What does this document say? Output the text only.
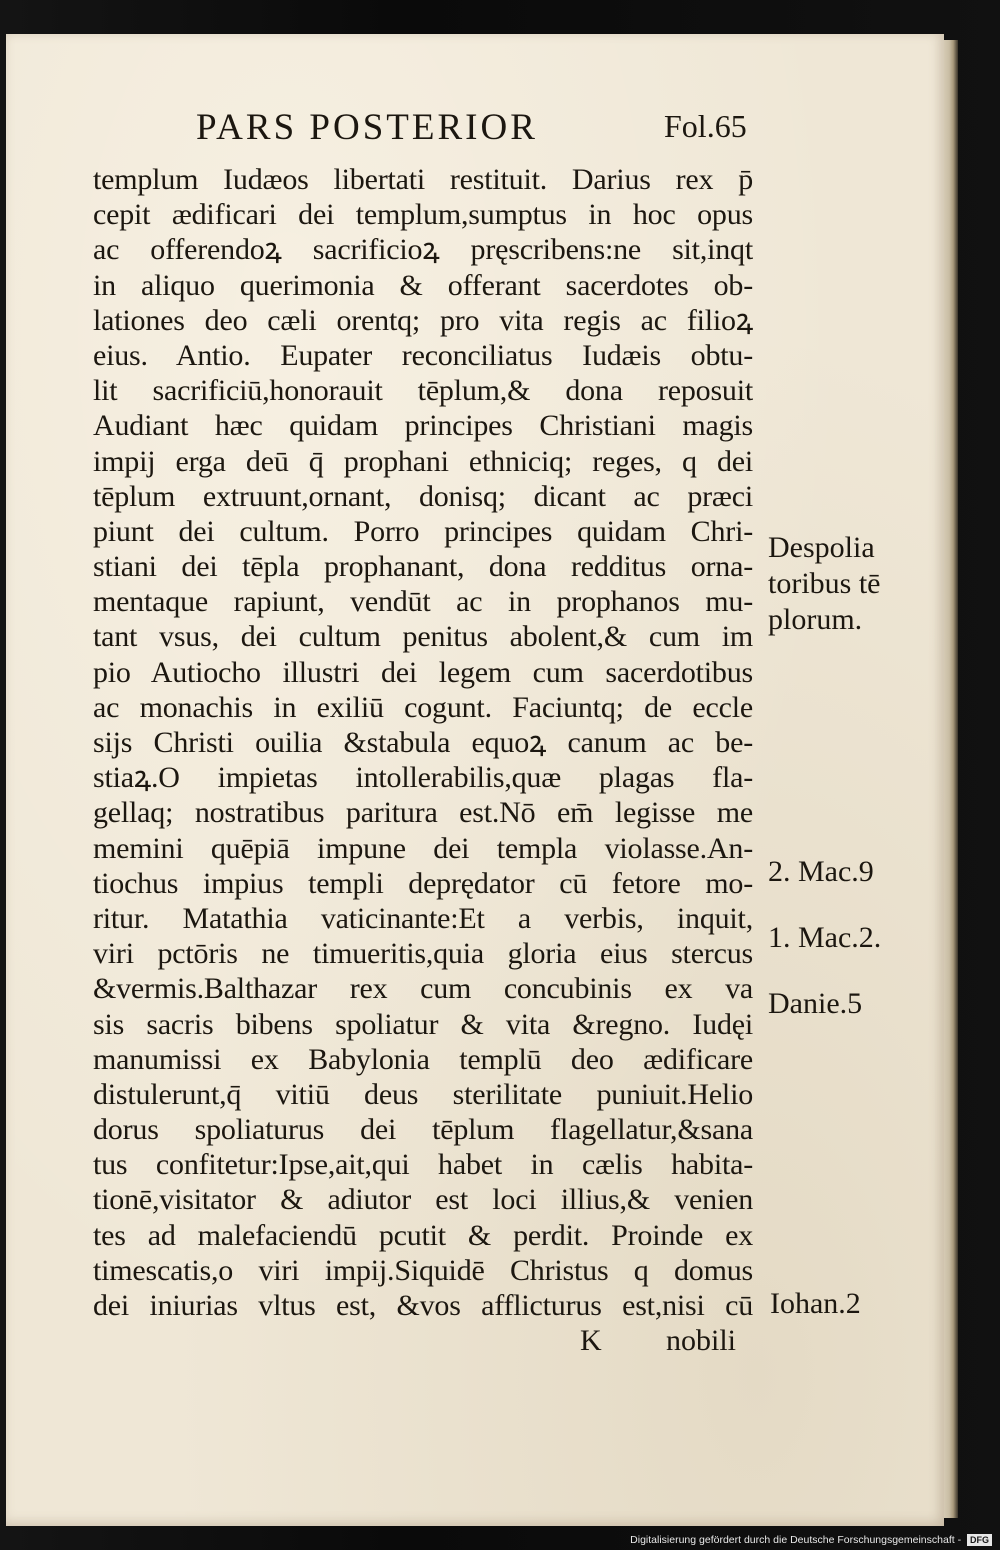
PARS POSTERIOR	Fol.65
templum Iudæos libertati restituit. Darius rex p̄
cepit ædificari dei templum,sumptus in hoc opus
ac offerendoꝝ sacrificioꝝ pręscribens:ne sit,inqt
in aliquo querimonia & offerant sacerdotes ob-
lationes deo cæli orentq; pro vita regis ac filioꝝ
eius. Antio. Eupater reconciliatus Iudæis obtu-
lit sacrificiū,honorauit tēplum,& dona reposuit
Audiant hæc quidam principes Christiani magis
impij erga deū q̄ prophani ethniciq; reges, q dei
tēplum extruunt,ornant, donisq; dicant ac præci
piunt dei cultum. Porro principes quidam Chri-
stiani dei tēpla prophanant, dona redditus orna-
mentaque rapiunt, vendūt ac in prophanos mu-
tant vsus, dei cultum penitus abolent,& cum im
pio Autiocho illustri dei legem cum sacerdotibus
ac monachis in exiliū cogunt. Faciuntq; de eccle
sijs Christi ouilia &stabula equoꝝ canum ac be-
stiaꝝ.O impietas intollerabilis,quæ plagas fla-
gellaq; nostratibus paritura est.Nō em̄ legisse me
memini quēpiā impune dei templa violasse.An-
tiochus impius templi deprędator cū fetore mo-
ritur. Matathia vaticinante:Et a verbis, inquit,
viri pctōris ne timueritis,quia gloria eius stercus
&vermis.Balthazar rex cum concubinis ex va
sis sacris bibens spoliatur & vita &regno. Iudęi
manumissi ex Babylonia templū deo ædificare
distulerunt,q̄ vitiū deus sterilitate puniuit.Helio
dorus spoliaturus dei tēplum flagellatur,&sana
tus confitetur:Ipse,ait,qui habet in cælis habita-
tionē,visitator & adiutor est loci illius,& venien
tes ad malefaciendū pcutit & perdit. Proinde ex
timescatis,o viri impij.Siquidē Christus q domus
dei iniurias vltus est, &vos afflicturus est,nisi cū
K nobili
Despolia
toribus tē
plorum.
2. Mac.9
1. Mac.2.
Danie.5
Iohan.2
Digitalisierung gefördert durch die Deutsche Forschungsgemeinschaft - DFG
